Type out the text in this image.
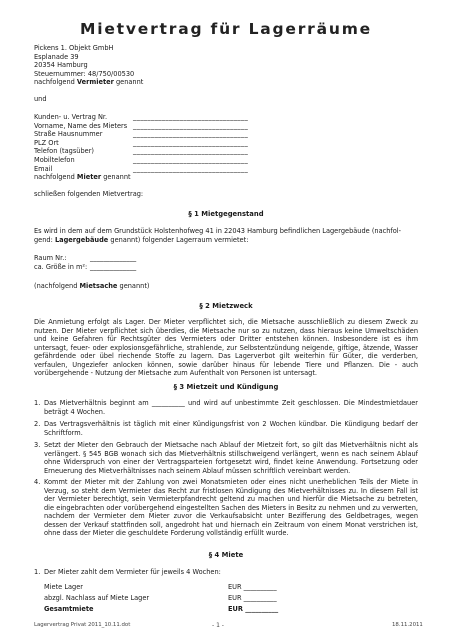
Mietvertrag für Lagerräume
Pickens 1. Objekt GmbH
Esplanade 39
20354 Hamburg
Steuernummer: 48/750/00530
nachfolgend Vermieter genannt
und
Kunden- u. Vertrag Nr.	________________________________
Vorname, Name des Mieters ________________________________
Straße Hausnummer	________________________________
PLZ Ort	________________________________
Telefon (tagsüber)	________________________________
Mobiltelefon	________________________________
Email	________________________________
nachfolgend Mieter genannt
schließen folgenden Mietvertrag:
§ 1 Mietgegenstand
Es wird in dem auf dem Grundstück Holstenhofweg 41 in 22043 Hamburg befindlichen Lagergebäude (nachfol-
gend: Lagergebäude genannt) folgender Lagerraum vermietet:
Raum Nr.:	______________
ca. Größe in m²: ______________
(nachfolgend Mietsache genannt)
§ 2 Mietzweck
Die Anmietung erfolgt als Lager. Der Mieter verpflichtet sich, die Mietsache ausschließlich zu diesem Zweck zu nutzen. Der Mieter verpflichtet sich überdies, die Mietsache nur so zu nutzen, dass hieraus keine Umweltschäden und keine Gefahren für Rechtsgüter des Vermieters oder Dritter entstehen können. Insbesondere ist es ihm untersagt, feuer- oder explosionsgefährliche, strahlende, zur Selbstentzündung neigende, giftige, ätzende, Wasser gefährdende oder übel riechende Stoffe zu lagern. Das Lagerverbot gilt weiterhin für Güter, die verderben, verfaulen, Ungeziefer anlocken können, sowie darüber hinaus für lebende Tiere und Pflanzen. Die - auch vorübergehende - Nutzung der Mietsache zum Aufenthalt von Personen ist untersagt.
§ 3 Mietzeit und Kündigung
1. Das Mietverhältnis beginnt am __________ und wird auf unbestimmte Zeit geschlossen. Die Mindestmietdauer beträgt 4 Wochen.
2. Das Vertragsverhältnis ist täglich mit einer Kündigungsfrist von 2 Wochen kündbar. Die Kündigung bedarf der Schriftform.
3. Setzt der Mieter den Gebrauch der Mietsache nach Ablauf der Mietzeit fort, so gilt das Mietverhältnis nicht als verlängert. § 545 BGB wonach sich das Mietverhältnis stillschweigend verlängert, wenn es nach seinem Ablauf ohne Widerspruch von einer der Vertragsparteien fortgesetzt wird, findet keine Anwendung. Fortsetzung oder Erneuerung des Mietverhältnisses nach seinem Ablauf müssen schriftlich vereinbart werden.
4. Kommt der Mieter mit der Zahlung von zwei Monatsmieten oder eines nicht unerheblichen Teils der Miete in Verzug, so steht dem Vermieter das Recht zur fristlosen Kündigung des Mietverhältnisses zu. In diesem Fall ist der Vermieter berechtigt, sein Vermieterpfandrecht geltend zu machen und hierfür die Mietsache zu betreten, die eingebrachten oder vorübergehend eingestellten Sachen des Mieters in Besitz zu nehmen und zu verwerten, nachdem der Vermieter dem Mieter zuvor die Verkaufsabsicht unter Bezifferung des Geldbetrages, wegen dessen der Verkauf stattfinden soll, angedroht hat und hiernach ein Zeitraum von einem Monat verstrichen ist, ohne dass der Mieter die geschuldete Forderung vollständig erfüllt wurde.
§ 4 Miete
1. Der Mieter zahlt dem Vermieter für jeweils 4 Wochen:
Miete Lager	EUR __________
abzgl. Nachlass auf Miete Lager	EUR __________
Gesamtmiete	EUR __________
Lagervertrag Privat 2011_10.11.dot	- 1 -	18.11.2011
